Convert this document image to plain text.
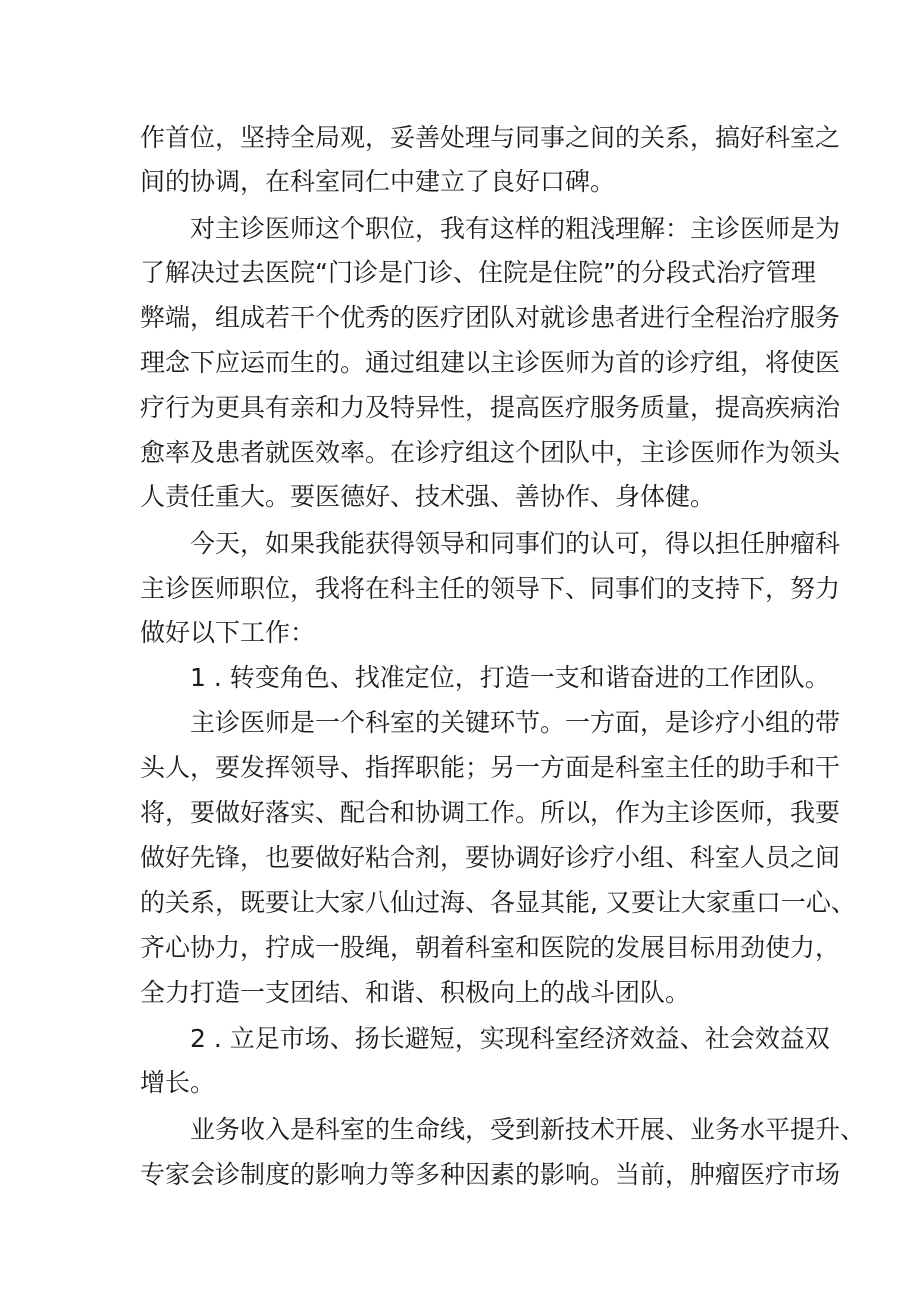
作首位，坚持全局观，妥善处理与同事之间的关系，搞好科室之
间的协调，在科室同仁中建立了良好口碑。
对主诊医师这个职位，我有这样的粗浅理解：主诊医师是为
了解决过去医院“门诊是门诊、住院是住院”的分段式治疗管理
弊端，组成若干个优秀的医疗团队对就诊患者进行全程治疗服务
理念下应运而生的。通过组建以主诊医师为首的诊疗组，将使医
疗行为更具有亲和力及特异性，提高医疗服务质量，提高疾病治
愈率及患者就医效率。在诊疗组这个团队中，主诊医师作为领头
人责任重大。要医德好、技术强、善协作、身体健。
今天，如果我能获得领导和同事们的认可，得以担任肿瘤科
主诊医师职位，我将在科主任的领导下、同事们的支持下，努力
做好以下工作：
1 . 转变角色、找准定位，打造一支和谐奋进的工作团队。
主诊医师是一个科室的关键环节。一方面，是诊疗小组的带
头人，要发挥领导、指挥职能；另一方面是科室主任的助手和干
将，要做好落实、配合和协调工作。所以，作为主诊医师，我要
做好先锋，也要做好粘合剂，要协调好诊疗小组、科室人员之间
的关系，既要让大家八仙过海、各显其能, 又要让大家重口一心、
齐心协力，拧成一股绳，朝着科室和医院的发展目标用劲使力，
全力打造一支团结、和谐、积极向上的战斗团队。
2 . 立足市场、扬长避短，实现科室经济效益、社会效益双
增长。
业务收入是科室的生命线，受到新技术开展、业务水平提升、
专家会诊制度的影响力等多种因素的影响。当前，肿瘤医疗市场
